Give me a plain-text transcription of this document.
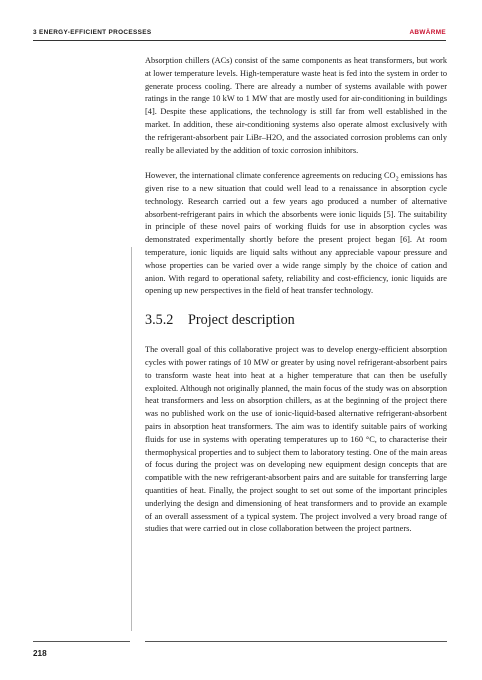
3 ENERGY-EFFICIENT PROCESSES	ABWÄRME

Absorption chillers (ACs) consist of the same components as heat transformers, but work at lower temperature levels. High-temperature waste heat is fed into the system in order to generate process cooling. There are already a number of systems available with power ratings in the range 10 kW to 1 MW that are mostly used for air-conditioning in buildings [4]. Despite these applications, the technology is still far from well established in the market. In addition, these air-conditioning systems also operate almost exclusively with the refrigerant-absorbent pair LiBr–H2O, and the associated corrosion problems can only really be alleviated by the addition of toxic corrosion inhibitors.

However, the international climate conference agreements on reducing $CO_2$ emissions has given rise to a new situation that could well lead to a renaissance in absorption cycle technology. Research carried out a few years ago produced a number of alternative absorbent-refrigerant pairs in which the absorbents were ionic liquids [5]. The suitability in principle of these novel pairs of working fluids for use in absorption cycles was demonstrated experimentally shortly before the present project began [6]. At room temperature, ionic liquids are liquid salts without any appreciable vapour pressure and whose properties can be varied over a wide range simply by the choice of cation and anion. With regard to operational safety, reliability and cost-efficiency, ionic liquids are opening up new perspectives in the field of heat transfer technology.

3.5.2	Project description

The overall goal of this collaborative project was to develop energy-efficient absorption cycles with power ratings of 10 MW or greater by using novel refrigerant-absorbent pairs to transform waste heat into heat at a higher temperature that can then be usefully exploited. Although not originally planned, the main focus of the study was on absorption heat transformers and less on absorption chillers, as at the beginning of the project there was no published work on the use of ionic-liquid-based alternative refrigerant-absorbent pairs in absorption heat transformers. The aim was to identify suitable pairs of working fluids for use in systems with operating temperatures up to 160 °C, to characterise their thermophysical properties and to subject them to laboratory testing. One of the main areas of focus during the project was on developing new equipment design concepts that are compatible with the new refrigerant-absorbent pairs and are suitable for transferring large quantities of heat. Finally, the project sought to set out some of the important principles underlying the design and dimensioning of heat transformers and to provide an example of an overall assessment of a typical system. The project involved a very broad range of studies that were carried out in close collaboration between the project partners.

218
